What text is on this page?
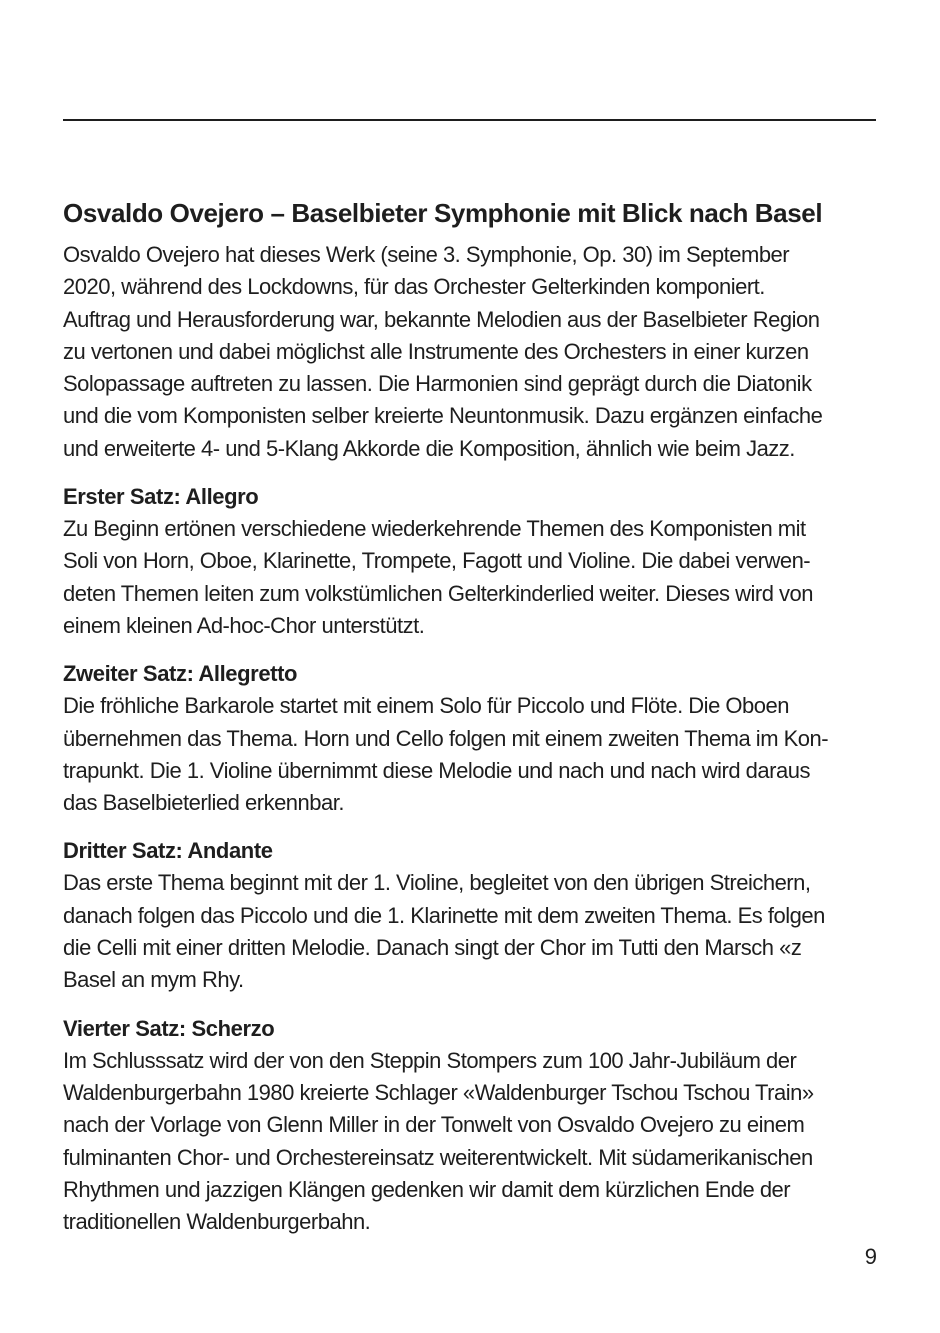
Osvaldo Ovejero – Baselbieter Symphonie mit Blick nach Basel

Osvaldo Ovejero hat dieses Werk (seine 3. Symphonie, Op. 30) im September
2020, während des Lockdowns, für das Orchester Gelterkinden komponiert.
Auftrag und Herausforderung war, bekannte Melodien aus der Baselbieter Region
zu vertonen und dabei möglichst alle Instrumente des Orchesters in einer kurzen
Solopassage auftreten zu lassen. Die Harmonien sind geprägt durch die Diatonik
und die vom Komponisten selber kreierte Neuntonmusik. Dazu ergänzen einfache
und erweiterte 4- und 5-Klang Akkorde die Komposition, ähnlich wie beim Jazz.

Erster Satz: Allegro

Zu Beginn ertönen verschiedene wiederkehrende Themen des Komponisten mit
Soli von Horn, Oboe, Klarinette, Trompete, Fagott und Violine. Die dabei verwen-
deten Themen leiten zum volkstümlichen Gelterkinderlied weiter. Dieses wird von
einem kleinen Ad-hoc-Chor unterstützt.

Zweiter Satz: Allegretto

Die fröhliche Barkarole startet mit einem Solo für Piccolo und Flöte. Die Oboen
übernehmen das Thema. Horn und Cello folgen mit einem zweiten Thema im Kon-
trapunkt. Die 1. Violine übernimmt diese Melodie und nach und nach wird daraus
das Baselbieterlied erkennbar.

Dritter Satz: Andante

Das erste Thema beginnt mit der 1. Violine, begleitet von den übrigen Streichern,
danach folgen das Piccolo und die 1. Klarinette mit dem zweiten Thema. Es folgen
die Celli mit einer dritten Melodie. Danach singt der Chor im Tutti den Marsch «z
Basel an mym Rhy.

Vierter Satz: Scherzo

Im Schlusssatz wird der von den Steppin Stompers zum 100 Jahr-Jubiläum der
Waldenburgerbahn 1980 kreierte Schlager «Waldenburger Tschou Tschou Train»
nach der Vorlage von Glenn Miller in der Tonwelt von Osvaldo Ovejero zu einem
fulminanten Chor- und Orchestereinsatz weiterentwickelt. Mit südamerikanischen
Rhythmen und jazzigen Klängen gedenken wir damit dem kürzlichen Ende der
traditionellen Waldenburgerbahn.

9
